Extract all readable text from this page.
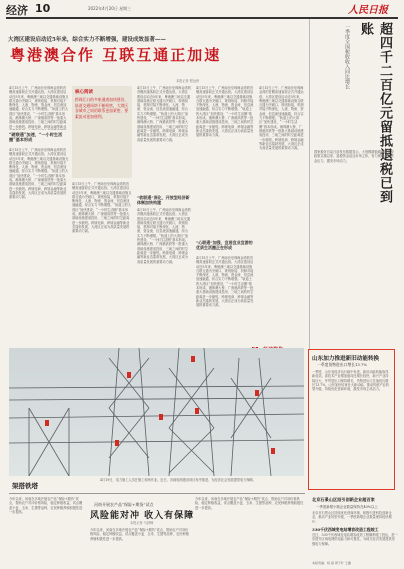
经济 10	2022年4月20日 星期三	人民日报
大湾区建设启动近5年来，综合实力不断增强，建设成效显著——
粤港澳合作 互联互通正加速
本报记者 程远州
4月15日上午，广州南沙至珠海金湾的首艘高速客轮正式开通运营。大湾区建设启动近5年来，粤港澳三地以交通基础设施互联互通为突破口，规则衔接、机制对接不断深化，人流、物流、资金流、信息流加速融通，综合实力不断增强。“轨道上的大湾区”加快建设，“一小时生活圈”基本形成。港珠澳大桥、广深港高铁等一批重大基础设施建成投用，三地之间的时空距离进一步缩短。跨境电商、跨境金融等新业
“硬联通”加速，“一小时生活圈”基本形成
4月15日上午，广州南沙至珠海金湾的首艘高速客轮正式开通运营。大湾区建设启动近5年来，粤港澳三地以交通基础设施互联互通为突破口，规则衔接、机制对接不断深化，人流、物流、资金流、信息流加速融通，综合实力不断增强。“轨道上的大湾区”加快建设，“一小时生活圈”基本形成。港珠澳大桥、广深港高铁等一批重大基础设施建成投用，三地之间的时空距离进一步缩短。跨境电商、跨境金融等新业态蓬勃发展，大湾区正成为高质量发展的重要动力源。
核心阅读
跨珠江口的多座通道加快建设，轨道交通网络不断织密，大湾区各城市之间的联系更加紧密，要素流动更加便利。
4月15日上午，广州南沙至珠海金湾的首艘高速客轮正式开通运营。大湾区建设启动近5年来，粤港澳三地以交通基础设施互联互通为突破口，规则衔接、机制对接不断深化，人流、物流、资金流、信息流加速融通，综合实力不断增强。“轨道上的大湾区”加快建设，“一小时生活圈”基本形成。港珠澳大桥、广深港高铁等一批重大基础设施建成投用，三地之间的时空距离进一步缩短。跨境电商、跨境金融等新业态蓬勃发展，大湾区正成为高质量发展的重要动力源。
4月15日上午，广州南沙至珠海金湾的首艘高速客轮正式开通运营。大湾区建设启动近5年来，粤港澳三地以交通基础设施互联互通为突破口，规则衔接、机制对接不断深化，人流、物流、资金流、信息流加速融通，综合实力不断增强。“轨道上的大湾区”加快建设，“一小时生活圈”基本形成。港珠澳大桥、广深港高铁等一批重大基础设施建成投用，三地之间的时空距离进一步缩短。跨境电商、跨境金融等新业态蓬勃发展，大湾区正成为高质量发展的重要动力源。
“软联通”深化，开放型经济新体制加快构建
4月15日上午，广州南沙至珠海金湾的首艘高速客轮正式开通运营。大湾区建设启动近5年来，粤港澳三地以交通基础设施互联互通为突破口，规则衔接、机制对接不断深化，人流、物流、资金流、信息流加速融通，综合实力不断增强。“轨道上的大湾区”加快建设，“一小时生活圈”基本形成。港珠澳大桥、广深港高铁等一批重大基础设施建成投用，三地之间的时空距离进一步缩短。跨境电商、跨境金融等新业态蓬勃发展，大湾区正成为高质量发展的重要动力源。
4月15日上午，广州南沙至珠海金湾的首艘高速客轮正式开通运营。大湾区建设启动近5年来，粤港澳三地以交通基础设施互联互通为突破口，规则衔接、机制对接不断深化，人流、物流、资金流、信息流加速融通，综合实力不断增强。“轨道上的大湾区”加快建设，“一小时生活圈”基本形成。港珠澳大桥、广深港高铁等一批重大基础设施建成投用，三地之间的时空距离进一步缩短。跨境电商、跨境金融等新业态蓬勃发展，大湾区正成为高质量发展的重要动力源。
“心联通”加强，宜居宜业宜游的优质生活圈正在形成
4月15日上午，广州南沙至珠海金湾的首艘高速客轮正式开通运营。大湾区建设启动近5年来，粤港澳三地以交通基础设施互联互通为突破口，规则衔接、机制对接不断深化，人流、物流、资金流、信息流加速融通，综合实力不断增强。“轨道上的大湾区”加快建设，“一小时生活圈”基本形成。港珠澳大桥、广深港高铁等一批重大基础设施建成投用，三地之间的时空距离进一步缩短。跨境电商、跨境金融等新业态蓬勃发展，大湾区正成为高质量发展的重要动力源。
4月15日上午，广州南沙至珠海金湾的首艘高速客轮正式开通运营。大湾区建设启动近5年来，粤港澳三地以交通基础设施互联互通为突破口，规则衔接、机制对接不断深化，人流、物流、资金流、信息流加速融通，综合实力不断增强。“轨道上的大湾区”加快建设，“一小时生活圈”基本形成。港珠澳大桥、广深港高铁等一批重大基础设施建成投用，三地之间的时空距离进一步缩短。跨境电商、跨境金融等新业态蓬勃发展，大湾区正成为高质量发展的重要动力源。	超四千二百亿元留抵退税已到账
一季度全国税收收入同比增长
国家税务总局日前发布数据显示，大规模增值税留抵退税政策实施以来，退税资金直达市场主体，有力缓解企业资金压力，激发市场活力。
架搭铁塔
4月19日，电力施工人员在施工现场作业。近日，各地电网建设项目有序推进，为经济社会发展提供电力保障。
山东加力推进新旧动能转换
一季度货物进出口增长13.7%
一季度，山东省经济运行稳中有进，新旧动能转换取得新成效。高技术产业增加值同比增长较快，新兴产业持续壮大，外贸进出口保持增长，货物进出口总值同比增长13.7%。山东加快培育壮大新动能，推动传统产业转型升级，持续优化营商环境，激发市场主体活力。
北京石景山区招引创新企业超百家
一季度新增小微企业数量保持在40%以上
北京市石景山区持续优化营商环境，积极引进科技创新企业，推动产业转型升级，一季度新增企业数量保持较快增长。
河南开展农产品“保险+期货”试点
风险能对冲 收入有保障
本报记者 马跃峰
今年以来，河南在多地开展农产品“保险+期货”试点，帮助农户对冲价格风险，稳定种植收益，试点覆盖小麦、玉米、生猪等品种，农民种粮养殖积极性进一步提高。
今年以来，河南在多地开展农产品“保险+期货”试点，帮助农户对冲价格风险，稳定种植收益，试点覆盖小麦、玉米、生猪等品种，农民种粮养殖积极性进一步提高。
今年以来，河南在多地开展农产品“保险+期货”试点，帮助农户对冲价格风险，稳定种植收益，试点覆盖小麦、玉米、生猪等品种，农民种粮养殖积极性进一步提高。
330千伏西域变电站增容改造工程竣工
近日，330千伏西域变电站增容改造工程顺利竣工投运，进一步提升区域电网供电能力和可靠性，为地方经济发展提供坚强电力保障。
本版责编：杨 颖 周子叶 王鑫
